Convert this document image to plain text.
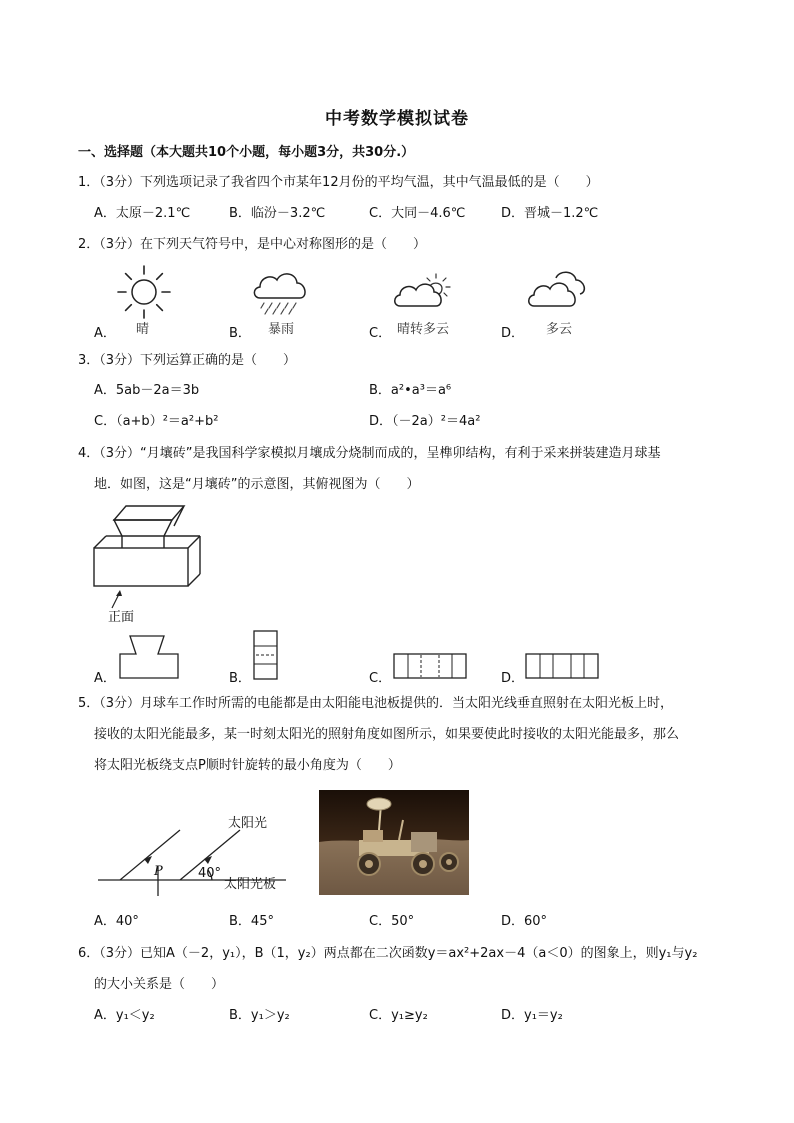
中考数学模拟试卷
一、选择题（本大题共10个小题，每小题3分，共30分.）
1．（3分）下列选项记录了我省四个市某年12月份的平均气温，其中气温最低的是（　　）
A．太原－2.1℃	B．临汾－3.2℃	C．大同－4.6℃	D．晋城－1.2℃
2．（3分）在下列天气符号中，是中心对称图形的是（　　）
A． 晴	B． 暴雨	C． 晴转多云	D． 多云
3．（3分）下列运算正确的是（　　）
A．5ab－2a＝3b	B．a²•a³＝a⁶
C．（a+b）²＝a²+b²	D．（－2a）²＝4a²
4．（3分）“月壤砖”是我国科学家模拟月壤成分烧制而成的，呈榫卯结构，有利于采来拼装建造月球基
地．如图，这是“月壤砖”的示意图，其俯视图为（　　）
正面
A．	B．	C．	D．
5．（3分）月球车工作时所需的电能都是由太阳能电池板提供的．当太阳光线垂直照射在太阳光板上时，
接收的太阳光能最多，某一时刻太阳光的照射角度如图所示，如果要使此时接收的太阳光能最多，那么
将太阳光板绕支点P顺时针旋转的最小角度为（　　）
太阳光
P	40°
太阳光板
A．40°	B．45°	C．50°	D．60°
6．（3分）已知A（－2，y₁），B（1，y₂）两点都在二次函数y＝ax²+2ax－4（a＜0）的图象上，则y₁与y₂
的大小关系是（　　）
A．y₁＜y₂	B．y₁＞y₂	C．y₁≥y₂	D．y₁＝y₂
